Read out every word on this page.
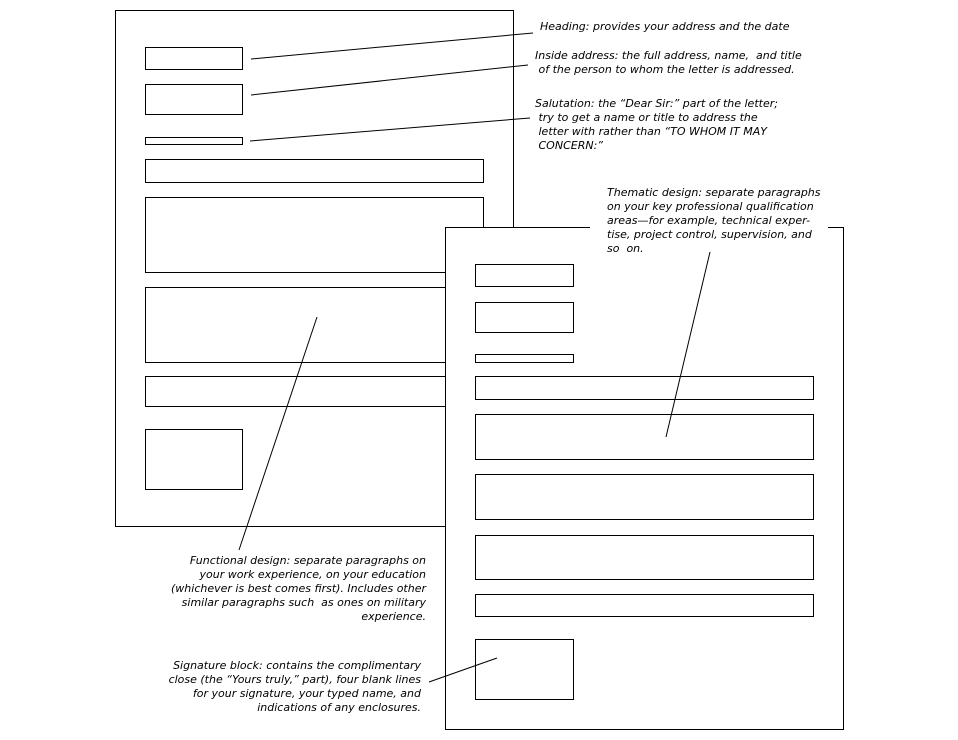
Heading: provides your address and the date
Inside address: the full address, name,  and title
of the person to whom the letter is addressed.
Salutation: the “Dear Sir:” part of the letter;
try to get a name or title to address the
letter with rather than “TO WHOM IT MAY
CONCERN:”
Thematic design: separate paragraphs
on your key professional qualification
areas—for example, technical exper-
tise, project control, supervision, and
so  on.
Functional design: separate paragraphs on
your work experience, on your education
(whichever is best comes first). Includes other
similar paragraphs such  as ones on military
experience.
Signature block: contains the complimentary
close (the “Yours truly,” part), four blank lines
for your signature, your typed name, and
indications of any enclosures.
